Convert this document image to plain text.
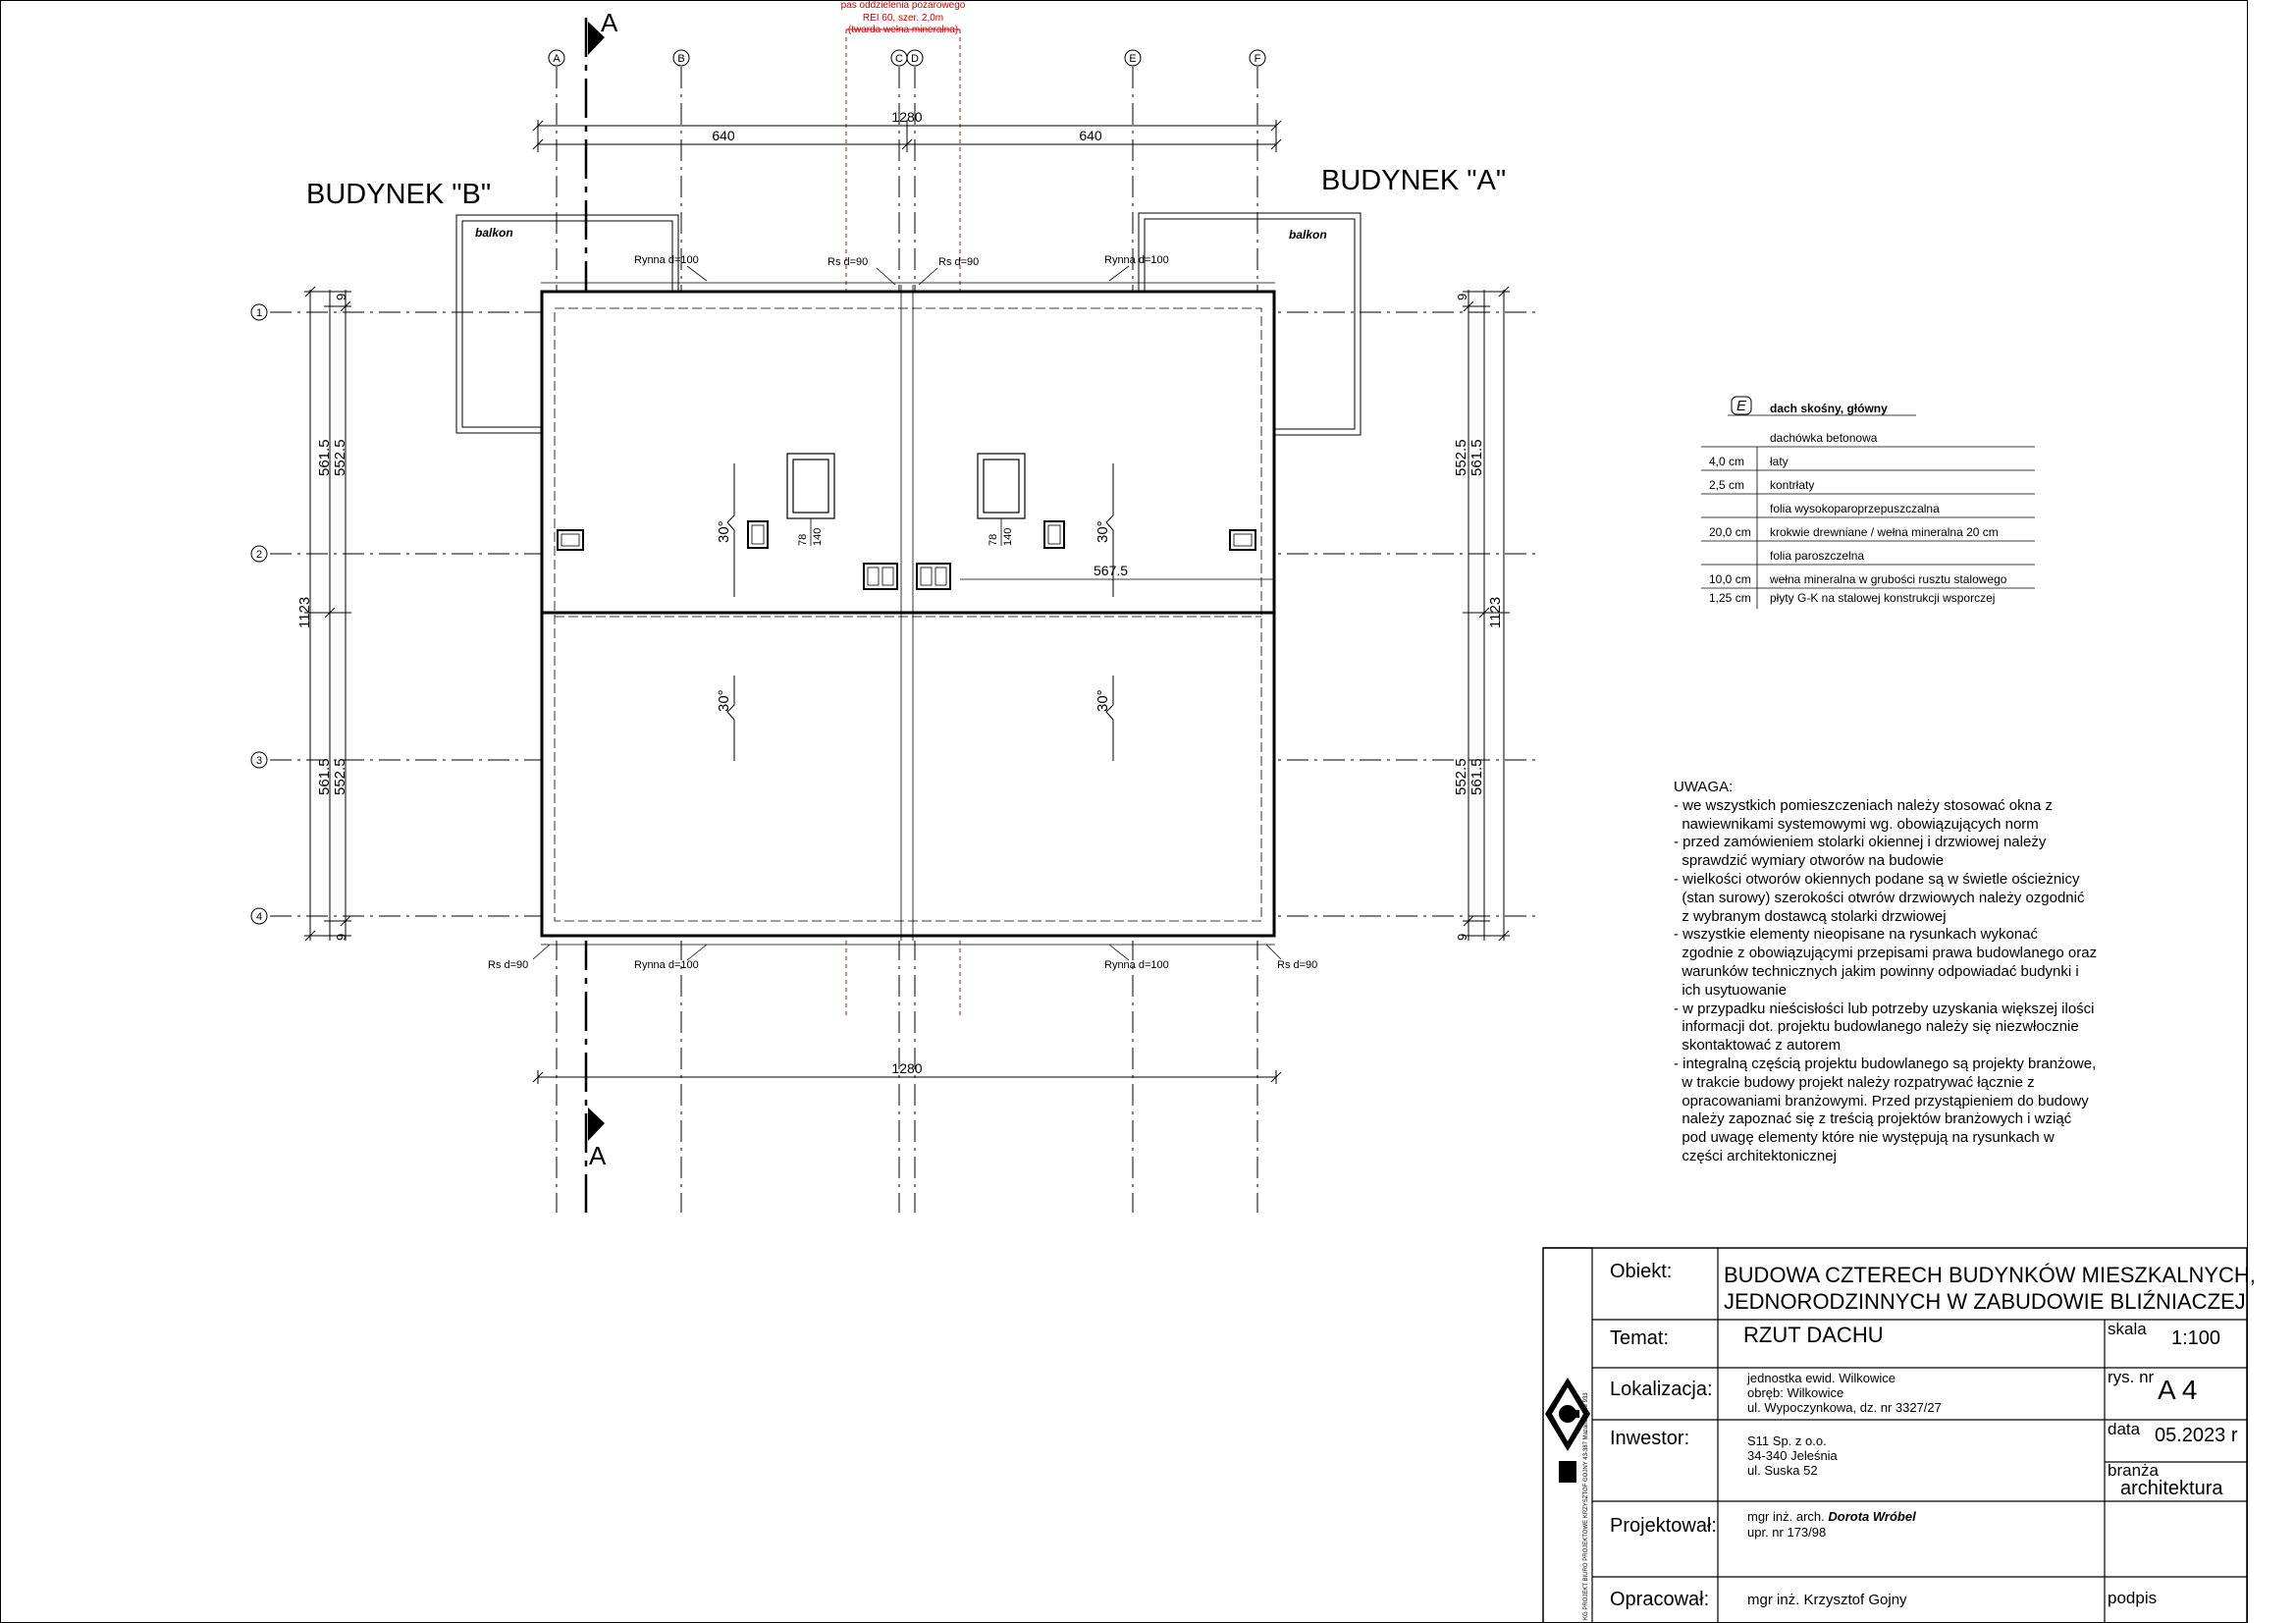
A	B	C D	E	F
1
2
3
4
A
A
1280
640	640
1280
pas oddzielenia pożarowego
REI 60, szer. 2,0m
(twarda wełna mineralna)
BUDYNEK "B"	BUDYNEK "A"
balkon	balkon
Rynna d=100	Rynna d=100
Rs d=90	Rs d=90
Rs d=90	Rynna d=100	Rynna d=100	Rs d=90
78 140	78 140
567.5
30°	30°
30°	30°
561.5 552.5
561.5 552.5
1123
9
9
552.5 561.5
552.5 561.5
1123
9
9
KG PROJEKT BIURO PROJEKTOWE KRZYSZTOF GOJNY 43-387 Mazańcowice 933
E dach skośny, główny
dachówka betonowa
4,0 cm łaty
2,5 cm kontrłaty
folia wysokoparoprzepuszczalna
20,0 cm krokwie drewniane / wełna mineralna 20 cm
folia paroszczelna
10,0 cm wełna mineralna w grubości rusztu stalowego
1,25 cm płyty G-K na stalowej konstrukcji wsporczej
UWAGA:
- we wszystkich pomieszczeniach należy stosować okna z
nawiewnikami systemowymi wg. obowiązujących norm
- przed zamówieniem stolarki okiennej i drzwiowej należy
sprawdzić wymiary otworów na budowie
- wielkości otworów okiennych podane są w świetle ościeżnicy
(stan surowy) szerokości otwrów drzwiowych należy ozgodnić
z wybranym dostawcą stolarki drzwiowej
- wszystkie elementy nieopisane na rysunkach wykonać
zgodnie z obowiązującymi przepisami prawa budowlanego oraz
warunków technicznych jakim powinny odpowiadać budynki i
ich usytuowanie
- w przypadku nieścisłości lub potrzeby uzyskania większej ilości
informacji dot. projektu budowlanego należy się niezwłocznie
skontaktować z autorem
- integralną częścią projektu budowlanego są projekty branżowe,
w trakcie budowy projekt należy rozpatrywać łącznie z
opracowaniami branżowymi. Przed przystąpieniem do budowy
należy zapoznać się z treścią projektów branżowych i wziąć
pod uwagę elementy które nie występują na rysunkach w
części architektonicznej
Obiekt: BUDOWA CZTERECH BUDYNKÓW MIESZKALNYCH,
JEDNORODZINNYCH W ZABUDOWIE BLIŹNIACZEJ
Temat:	RZUT DACHU	skala 1:100
Lokalizacja:
jednostka ewid. Wilkowice
obręb: Wilkowice
ul. Wypoczynkowa, dz. nr 3327/27
rys. nr A 4
Inwestor:	S11 Sp. z o.o.
34-340 Jeleśnia
ul. Suska 52
data 05.2023 r
branża
architektura
Projektował: mgr inż. arch. Dorota Wróbel
upr. nr 173/98
Opracował:	mgr inż. Krzysztof Gojny	podpis
